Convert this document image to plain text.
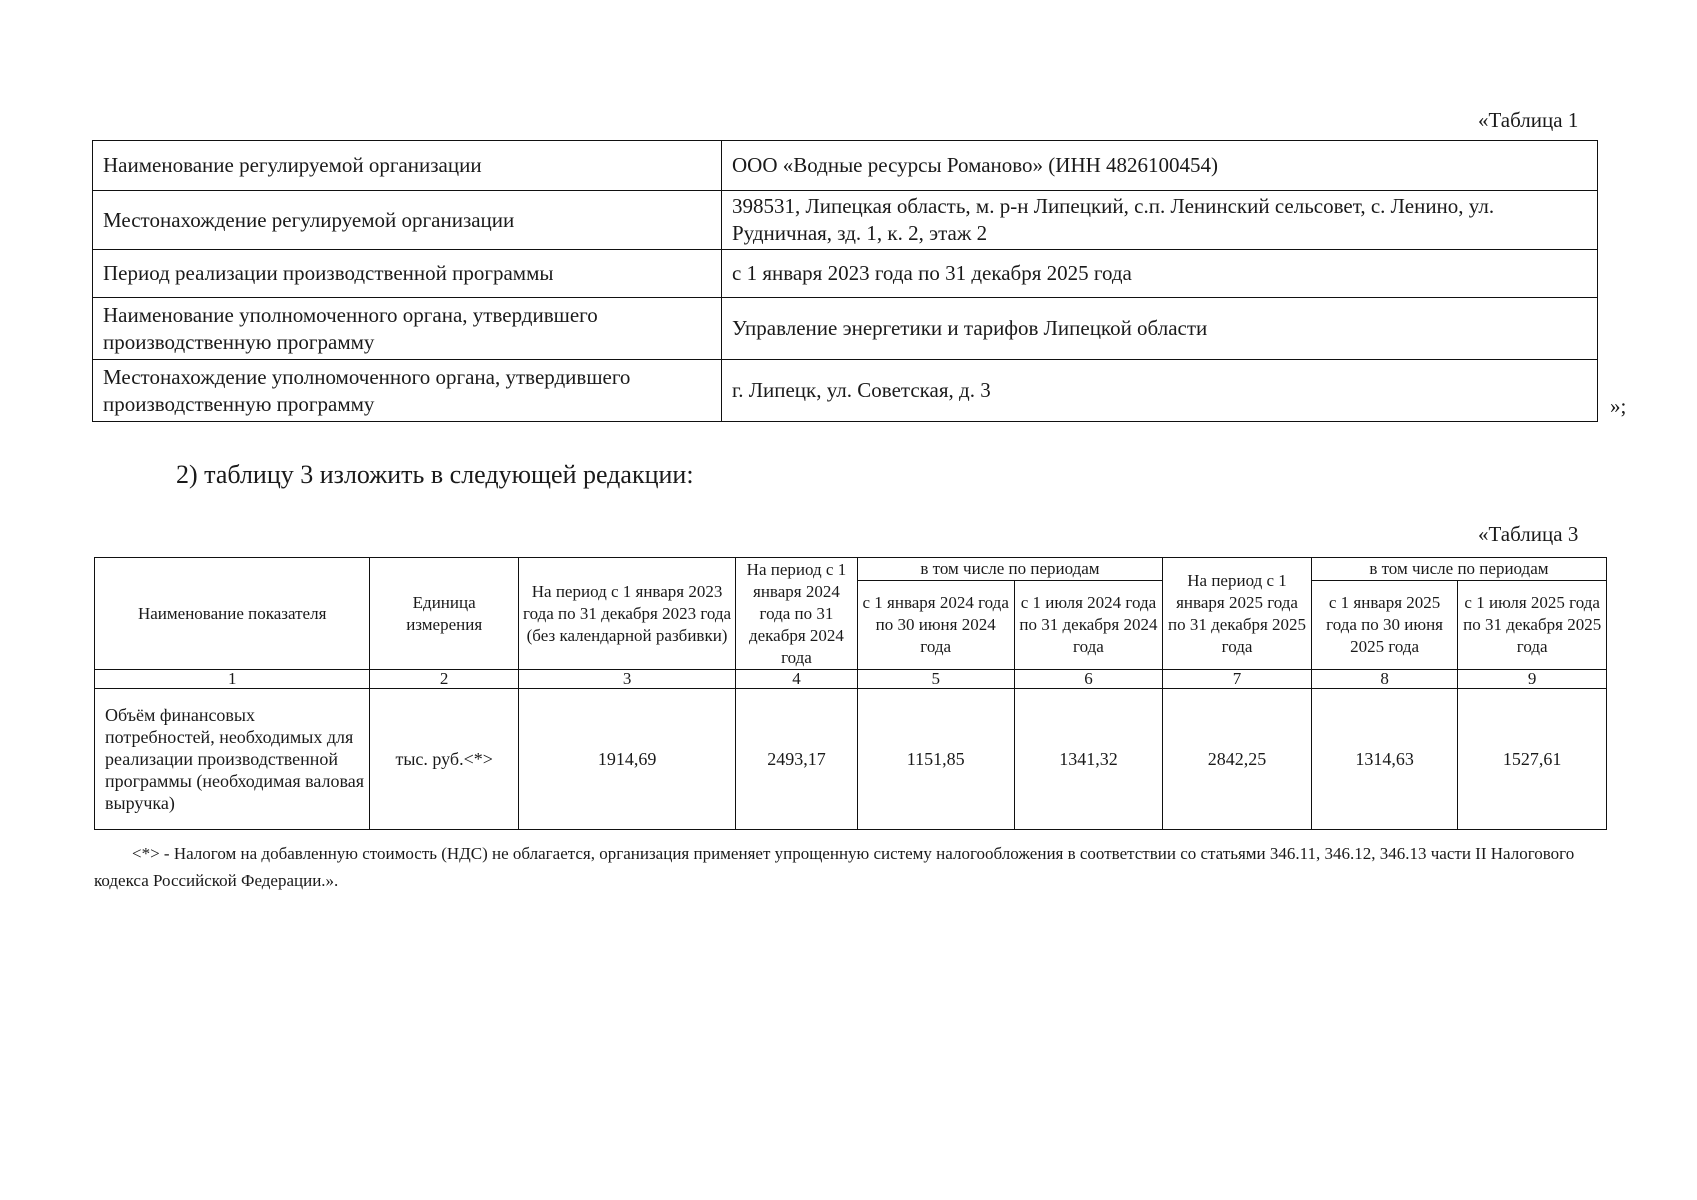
«Таблица 1
Наименование регулируемой организации	ООО «Водные ресурсы Романово» (ИНН 4826100454)
Местонахождение регулируемой организации	398531, Липецкая область, м. р-н Липецкий, с.п. Ленинский сельсовет, с. Ленино, ул. Рудничная, зд. 1, к. 2, этаж 2
Период реализации производственной программы	с 1 января 2023 года по 31 декабря 2025 года
Наименование уполномоченного органа, утвердившего производственную программу	Управление энергетики и тарифов Липецкой области
Местонахождение уполномоченного органа, утвердившего производственную программу	г. Липецк, ул. Советская, д. 3
»;
2) таблицу 3 изложить в следующей редакции:
«Таблица 3
Наименование показателя	Единица измерения	На период с 1 января 2023 года по 31 декабря 2023 года (без календарной разбивки)	На период с 1 января 2024 года по 31 декабря 2024 года	в том числе по периодам		На период с 1 января 2025 года по 31 декабря 2025 года	в том числе по периодам	
				с 1 января 2024 года по 30 июня 2024 года	с 1 июля 2024 года по 31 декабря 2024 года		с 1 января 2025 года по 30 июня 2025 года	с 1 июля 2025 года по 31 декабря 2025 года
1	2	3	4	5	6	7	8	9
Объём финансовых потребностей, необходимых для реализации производственной программы (необходимая валовая выручка)	тыс. руб.<*>	1914,69	2493,17	1151,85	1341,32	2842,25	1314,63	1527,61
<*> - Налогом на добавленную стоимость (НДС) не облагается, организация применяет упрощенную систему налогообложения в соответствии со статьями 346.11, 346.12, 346.13 части II Налогового кодекса Российской Федерации.».
